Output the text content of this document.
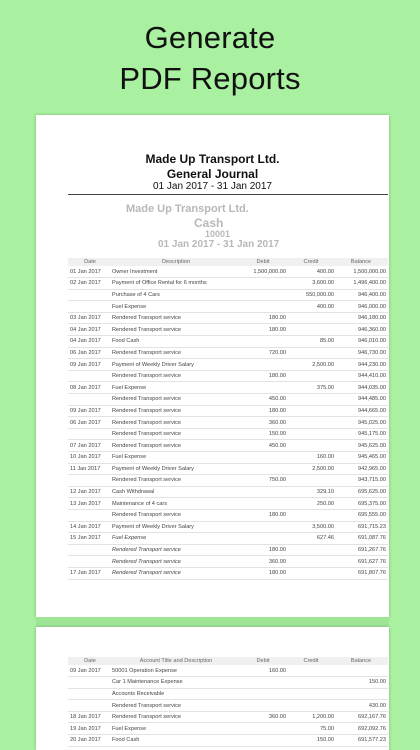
Generate
PDF Reports
Made Up Transport Ltd.
General Journal
01 Jan 2017 - 31 Jan 2017
Made Up Transport Ltd.
Cash
10001
01 Jan 2017 - 31 Jan 2017
Date	Description	Debit	Credit	Balance
01 Jan 2017	Owner Investment	1,500,000.00	400.00	1,500,000.00
02 Jan 2017	Payment of Office Rental for 6 months		3,600.00	1,496,400.00
	Purchase of 4 Cars		550,000.00	946,400.00
	Fuel Expense		400.00	946,000.00
03 Jan 2017	Rendered Transport service	180.00		946,180.00
04 Jan 2017	Rendered Transport service	180.00		946,360.00
04 Jan 2017	Food Cash		85.00	946,010.00
06 Jan 2017	Rendered Transport service	720.00		946,730.00
09 Jan 2017	Payment of Weekly Driver Salary		2,500.00	944,230.00
	Rendered Transport service	180.00		944,410.00
08 Jan 2017	Fuel Expense		375.00	944,035.00
	Rendered Transport service	450.00		944,485.00
09 Jan 2017	Rendered Transport service	180.00		944,665.00
06 Jan 2017	Rendered Transport service	360.00		945,025.00
	Rendered Transport service	150.00		945,175.00
07 Jan 2017	Rendered Transport service	450.00		945,625.00
10 Jan 2017	Fuel Expense		160.00	945,465.00
11 Jan 2017	Payment of Weekly Driver Salary		2,500.00	942,965.00
	Rendered Transport service	750.00		943,715.00
12 Jan 2017	Cash Withdrawal		329.10	695,625.00
13 Jan 2017	Maintenance of 4 cars		250.00	695,375.00
	Rendered Transport service	180.00		695,555.00
14 Jan 2017	Payment of Weekly Driver Salary		3,500.00	691,715.23
15 Jan 2017	Fuel Expense		627.46	691,087.76
	Rendered Transport service	180.00		691,267.76
	Rendered Transport service	360.00		691,627.76
17 Jan 2017	Rendered Transport service	180.00		691,807.76
Date	Account Title and Description	Debit	Credit	Balance
09 Jan 2017	50001 Operation Expense	160.00		
	Car 1 Maintenance Expense			150.00
	Accounts Receivable			
	Rendered Transport service			430.00
18 Jan 2017	Rendered Transport service	360.00	1,200.00	692,167.76
19 Jan 2017	Fuel Expense		75.00	692,092.76
20 Jan 2017	Food Cash		150.00	691,577.23
